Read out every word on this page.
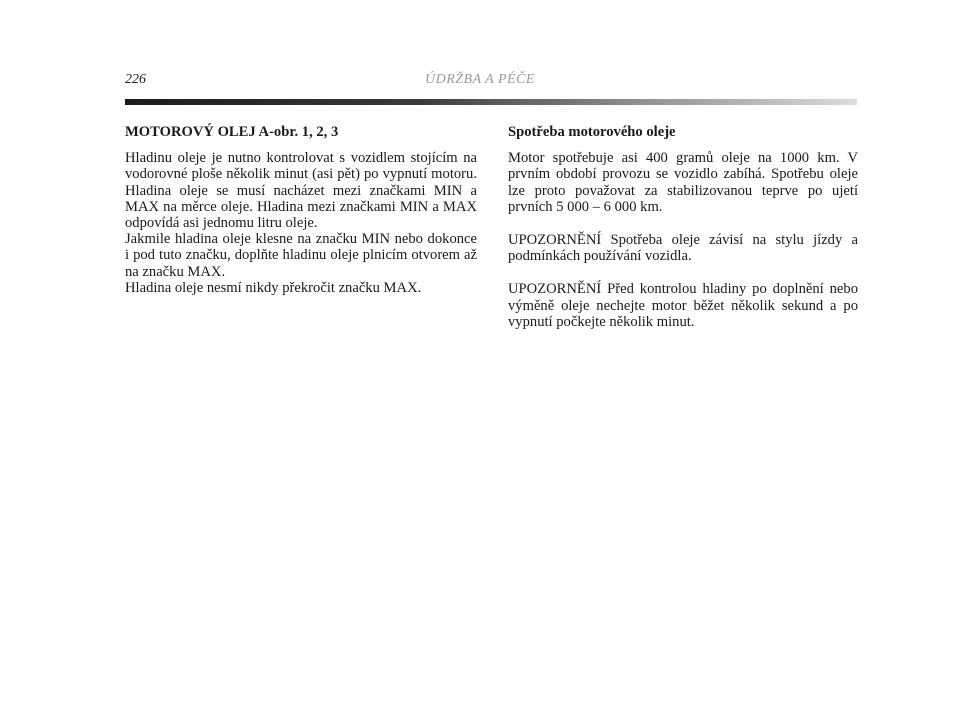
226	ÚDRŽBA A PÉČE
MOTOROVÝ OLEJ A-obr. 1, 2, 3

Hladinu oleje je nutno kontrolovat s vozidlem stojícím na vodorovné ploše několik minut (asi pět) po vypnutí motoru. Hladina oleje se musí nacházet mezi značkami MIN a MAX na měrce oleje. Hladina mezi značkami MIN a MAX odpovídá asi jednomu litru oleje.

Jakmile hladina oleje klesne na značku MIN nebo dokonce i pod tuto značku, doplňte hladinu oleje plnicím otvorem až na značku MAX.

Hladina oleje nesmí nikdy překročit značku MAX.

Spotřeba motorového oleje

Motor spotřebuje asi 400 gramů oleje na 1000 km. V prvním období provozu se vozidlo zabíhá. Spotřebu oleje lze proto považovat za stabilizovanou teprve po ujetí prvních 5 000 – 6 000 km.

UPOZORNĚNÍ Spotřeba oleje závisí na stylu jízdy a podmínkách používání vozidla.

UPOZORNĚNÍ Před kontrolou hladiny po doplnění nebo výměně oleje nechejte motor běžet několik sekund a po vypnutí počkejte několik minut.
